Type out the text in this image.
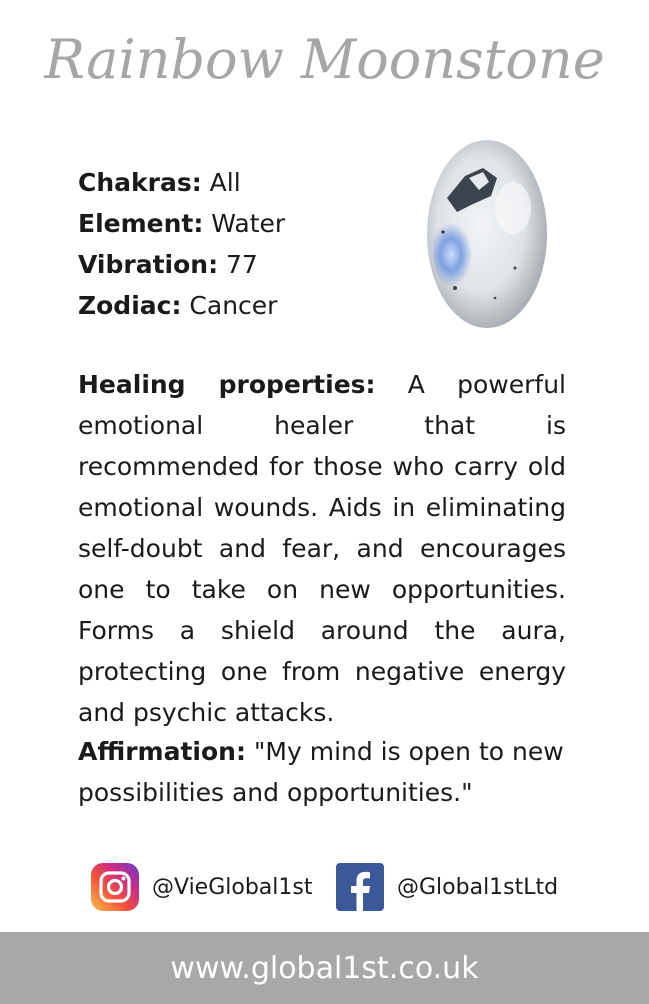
Rainbow Moonstone
Chakras: All
Element: Water
Vibration: 77
Zodiac: Cancer
Healing properties: A powerful emotional healer that is recommended for those who carry old emotional wounds. Aids in eliminating self-doubt and fear, and encourages one to take on new opportunities. Forms a shield around the aura, protecting one from negative energy and psychic attacks.
Affirmation: "My mind is open to new possibilities and opportunities."
@VieGlobal1st	@Global1stLtd
www.global1st.co.uk
